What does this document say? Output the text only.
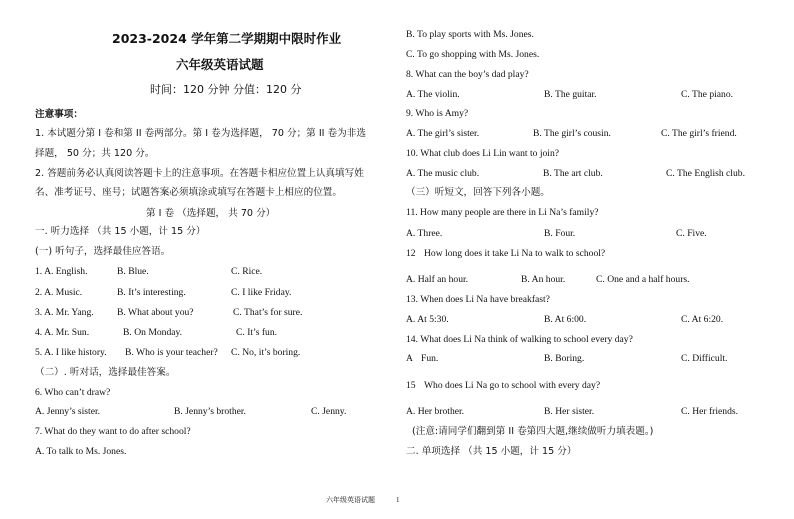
2023-2024 学年第二学期期中限时作业
六年级英语试题
时间：120 分钟 分值：120 分
注意事项：
1. 本试题分第 I 卷和第 II 卷两部分。第 I 卷为选择题， 70 分；第 II 卷为非选
择题， 50 分；共 120 分。
2. 答题前务必认真阅读答题卡上的注意事项。在答题卡相应位置上认真填写姓
名、准考证号、座号；试题答案必须填涂或填写在答题卡上相应的位置。
第 I 卷 （选择题， 共 70 分）
一. 听力选择 （共 15 小题，计 15 分）
(一) 听句子，选择最佳应答语。
1. A. English.	B. Blue.	C. Rice.
2. A. Music.	B. It’s interesting.	C. I like Friday.
3. A. Mr. Yang. B. What about you?	C. That’s for sure.
4. A. Mr. Sun.	B. On Monday.	C. It’s fun.
5. A. I like history. B. Who is your teacher? C. No, it’s boring.
（二）. 听对话，选择最佳答案。
6. Who can’t draw?
A. Jenny’s sister.	B. Jenny’s brother.	C. Jenny.
7. What do they want to do after school?
A. To talk to Ms. Jones.
B. To play sports with Ms. Jones.
C. To go shopping with Ms. Jones.
8. What can the boy’s dad play?
A. The violin.	B. The guitar.	C. The piano.
9. Who is Amy?
A. The girl’s sister.	B. The girl’s cousin.	C. The girl’s friend.
10. What club does Li Lin want to join?
A. The music club.	B. The art club.	C. The English club.
（三）听短文，回答下列各小题。
11. How many people are there in Li Na’s family?
A. Three.	B. Four.	C. Five.
12 How long does it take Li Na to walk to school?
A. Half an hour.	B. An hour.	C. One and a half hours.
13. When does Li Na have breakfast?
A. At 5:30.	B. At 6:00.	C. At 6:20.
14. What does Li Na think of walking to school every day?
A Fun.	B. Boring.	C. Difficult.
15 Who does Li Na go to school with every day?
A. Her brother.	B. Her sister.	C. Her friends.
(注意:请同学们翻到第 II 卷第四大题,继续做听力填表题。)
二. 单项选择 （共 15 小题，计 15 分）
六年级英语试题	1
